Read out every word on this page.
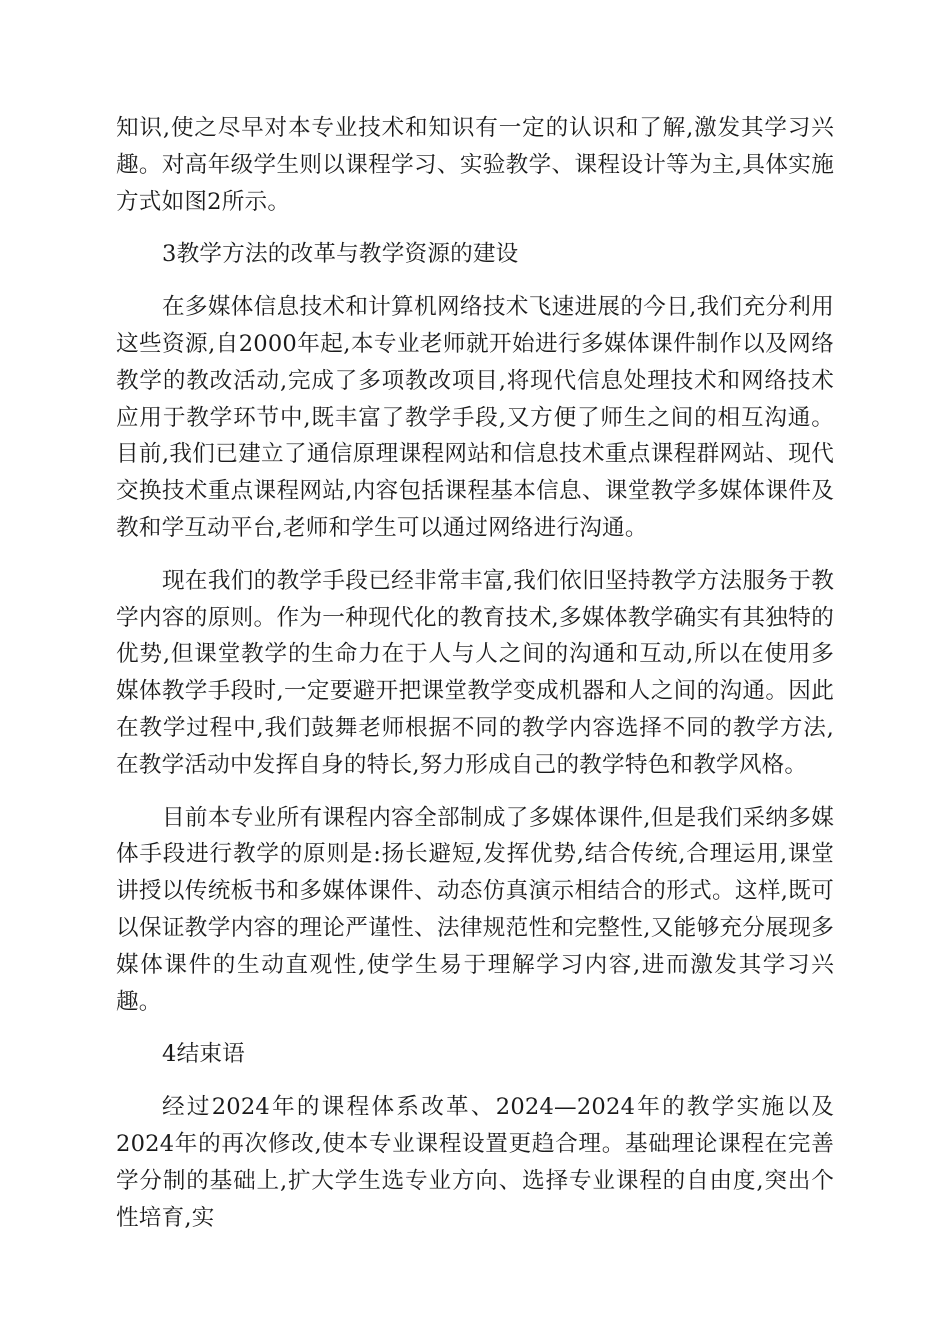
知识,使之尽早对本专业技术和知识有一定的认识和了解,激发其学习兴趣。对高年级学生则以课程学习、实验教学、课程设计等为主,具体实施方式如图2所示。

3教学方法的改革与教学资源的建设

在多媒体信息技术和计算机网络技术飞速进展的今日,我们充分利用这些资源,自2000年起,本专业老师就开始进行多媒体课件制作以及网络教学的教改活动,完成了多项教改项目,将现代信息处理技术和网络技术应用于教学环节中,既丰富了教学手段,又方便了师生之间的相互沟通。目前,我们已建立了通信原理课程网站和信息技术重点课程群网站、现代交换技术重点课程网站,内容包括课程基本信息、课堂教学多媒体课件及教和学互动平台,老师和学生可以通过网络进行沟通。

现在我们的教学手段已经非常丰富,我们依旧坚持教学方法服务于教学内容的原则。作为一种现代化的教育技术,多媒体教学确实有其独特的优势,但课堂教学的生命力在于人与人之间的沟通和互动,所以在使用多媒体教学手段时,一定要避开把课堂教学变成机器和人之间的沟通。因此在教学过程中,我们鼓舞老师根据不同的教学内容选择不同的教学方法,在教学活动中发挥自身的特长,努力形成自己的教学特色和教学风格。

目前本专业所有课程内容全部制成了多媒体课件,但是我们采纳多媒体手段进行教学的原则是:扬长避短,发挥优势,结合传统,合理运用,课堂讲授以传统板书和多媒体课件、动态仿真演示相结合的形式。这样,既可以保证教学内容的理论严谨性、法律规范性和完整性,又能够充分展现多媒体课件的生动直观性,使学生易于理解学习内容,进而激发其学习兴趣。

4结束语

经过2024年的课程体系改革、2024—2024年的教学实施以及2024年的再次修改,使本专业课程设置更趋合理。基础理论课程在完善学分制的基础上,扩大学生选专业方向、选择专业课程的自由度,突出个性培育,实
